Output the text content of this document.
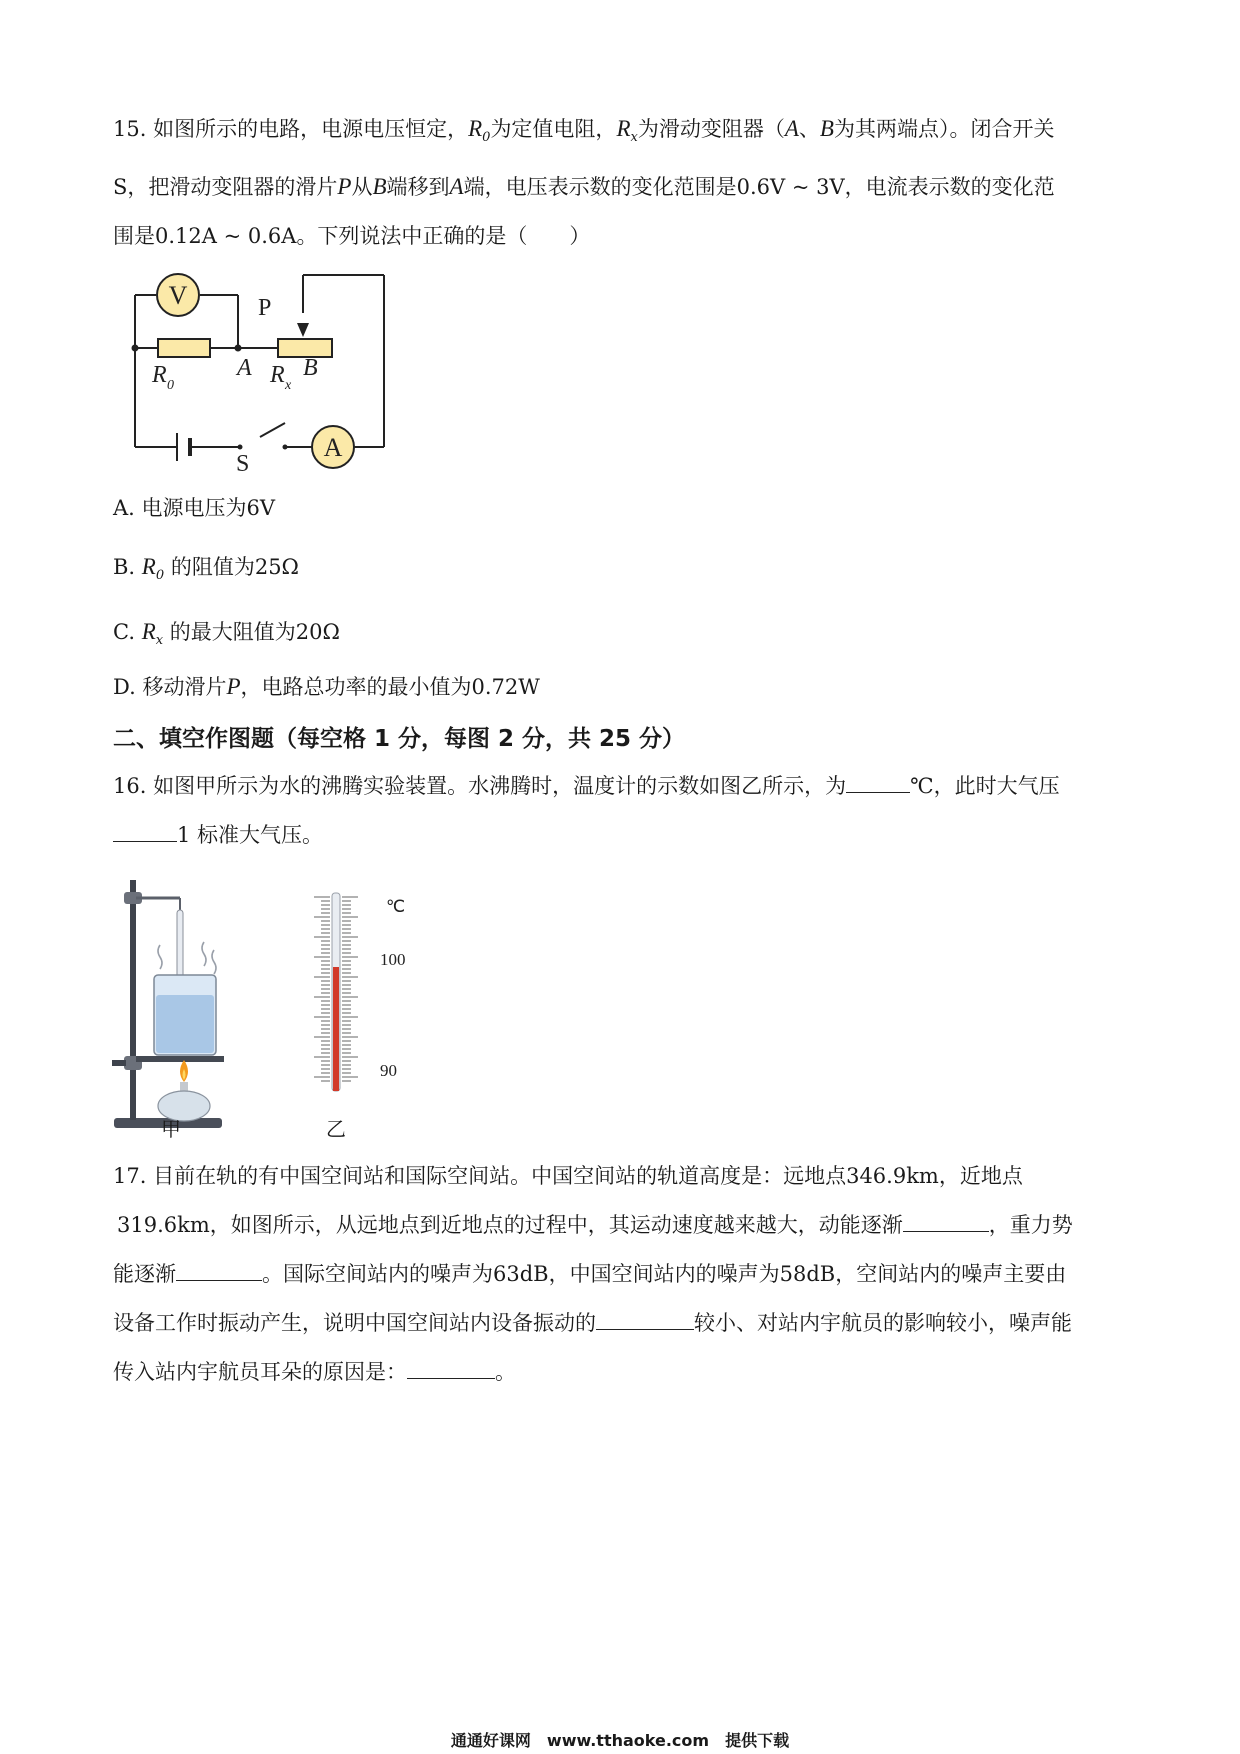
15. 如图所示的电路，电源电压恒定，$R_0$为定值电阻，$R_x$为滑动变阻器（A、B为其两端点）。闭合开关
S，把滑动变阻器的滑片P从B端移到A端，电压表示数的变化范围是0.6V ~ 3V，电流表示数的变化范
围是0.12A ~ 0.6A。下列说法中正确的是（　　）
V
A
P
R 0
A R x
B
S
A. 电源电压为6V
B. $R_0$ 的阻值为25Ω
C. $R_x$ 的最大阻值为20Ω
D. 移动滑片P，电路总功率的最小值为0.72W
二、填空作图题（每空格 1 分，每图 2 分，共 25 分）
16. 如图甲所示为水的沸腾实验装置。水沸腾时，温度计的示数如图乙所示，为	℃，此时大气压
1 标准大气压。
甲
℃
100
90
乙
17. 目前在轨的有中国空间站和国际空间站。中国空间站的轨道高度是：远地点346.9km，近地点
319.6km，如图所示，从远地点到近地点的过程中，其运动速度越来越大，动能逐渐	，重力势
能逐渐	。国际空间站内的噪声为63dB，中国空间站内的噪声为58dB，空间站内的噪声主要由
设备工作时振动产生，说明中国空间站内设备振动的	较小、对站内宇航员的影响较小，噪声能
传入站内宇航员耳朵的原因是：	。
通通好课网　www.tthaoke.com　提供下载
